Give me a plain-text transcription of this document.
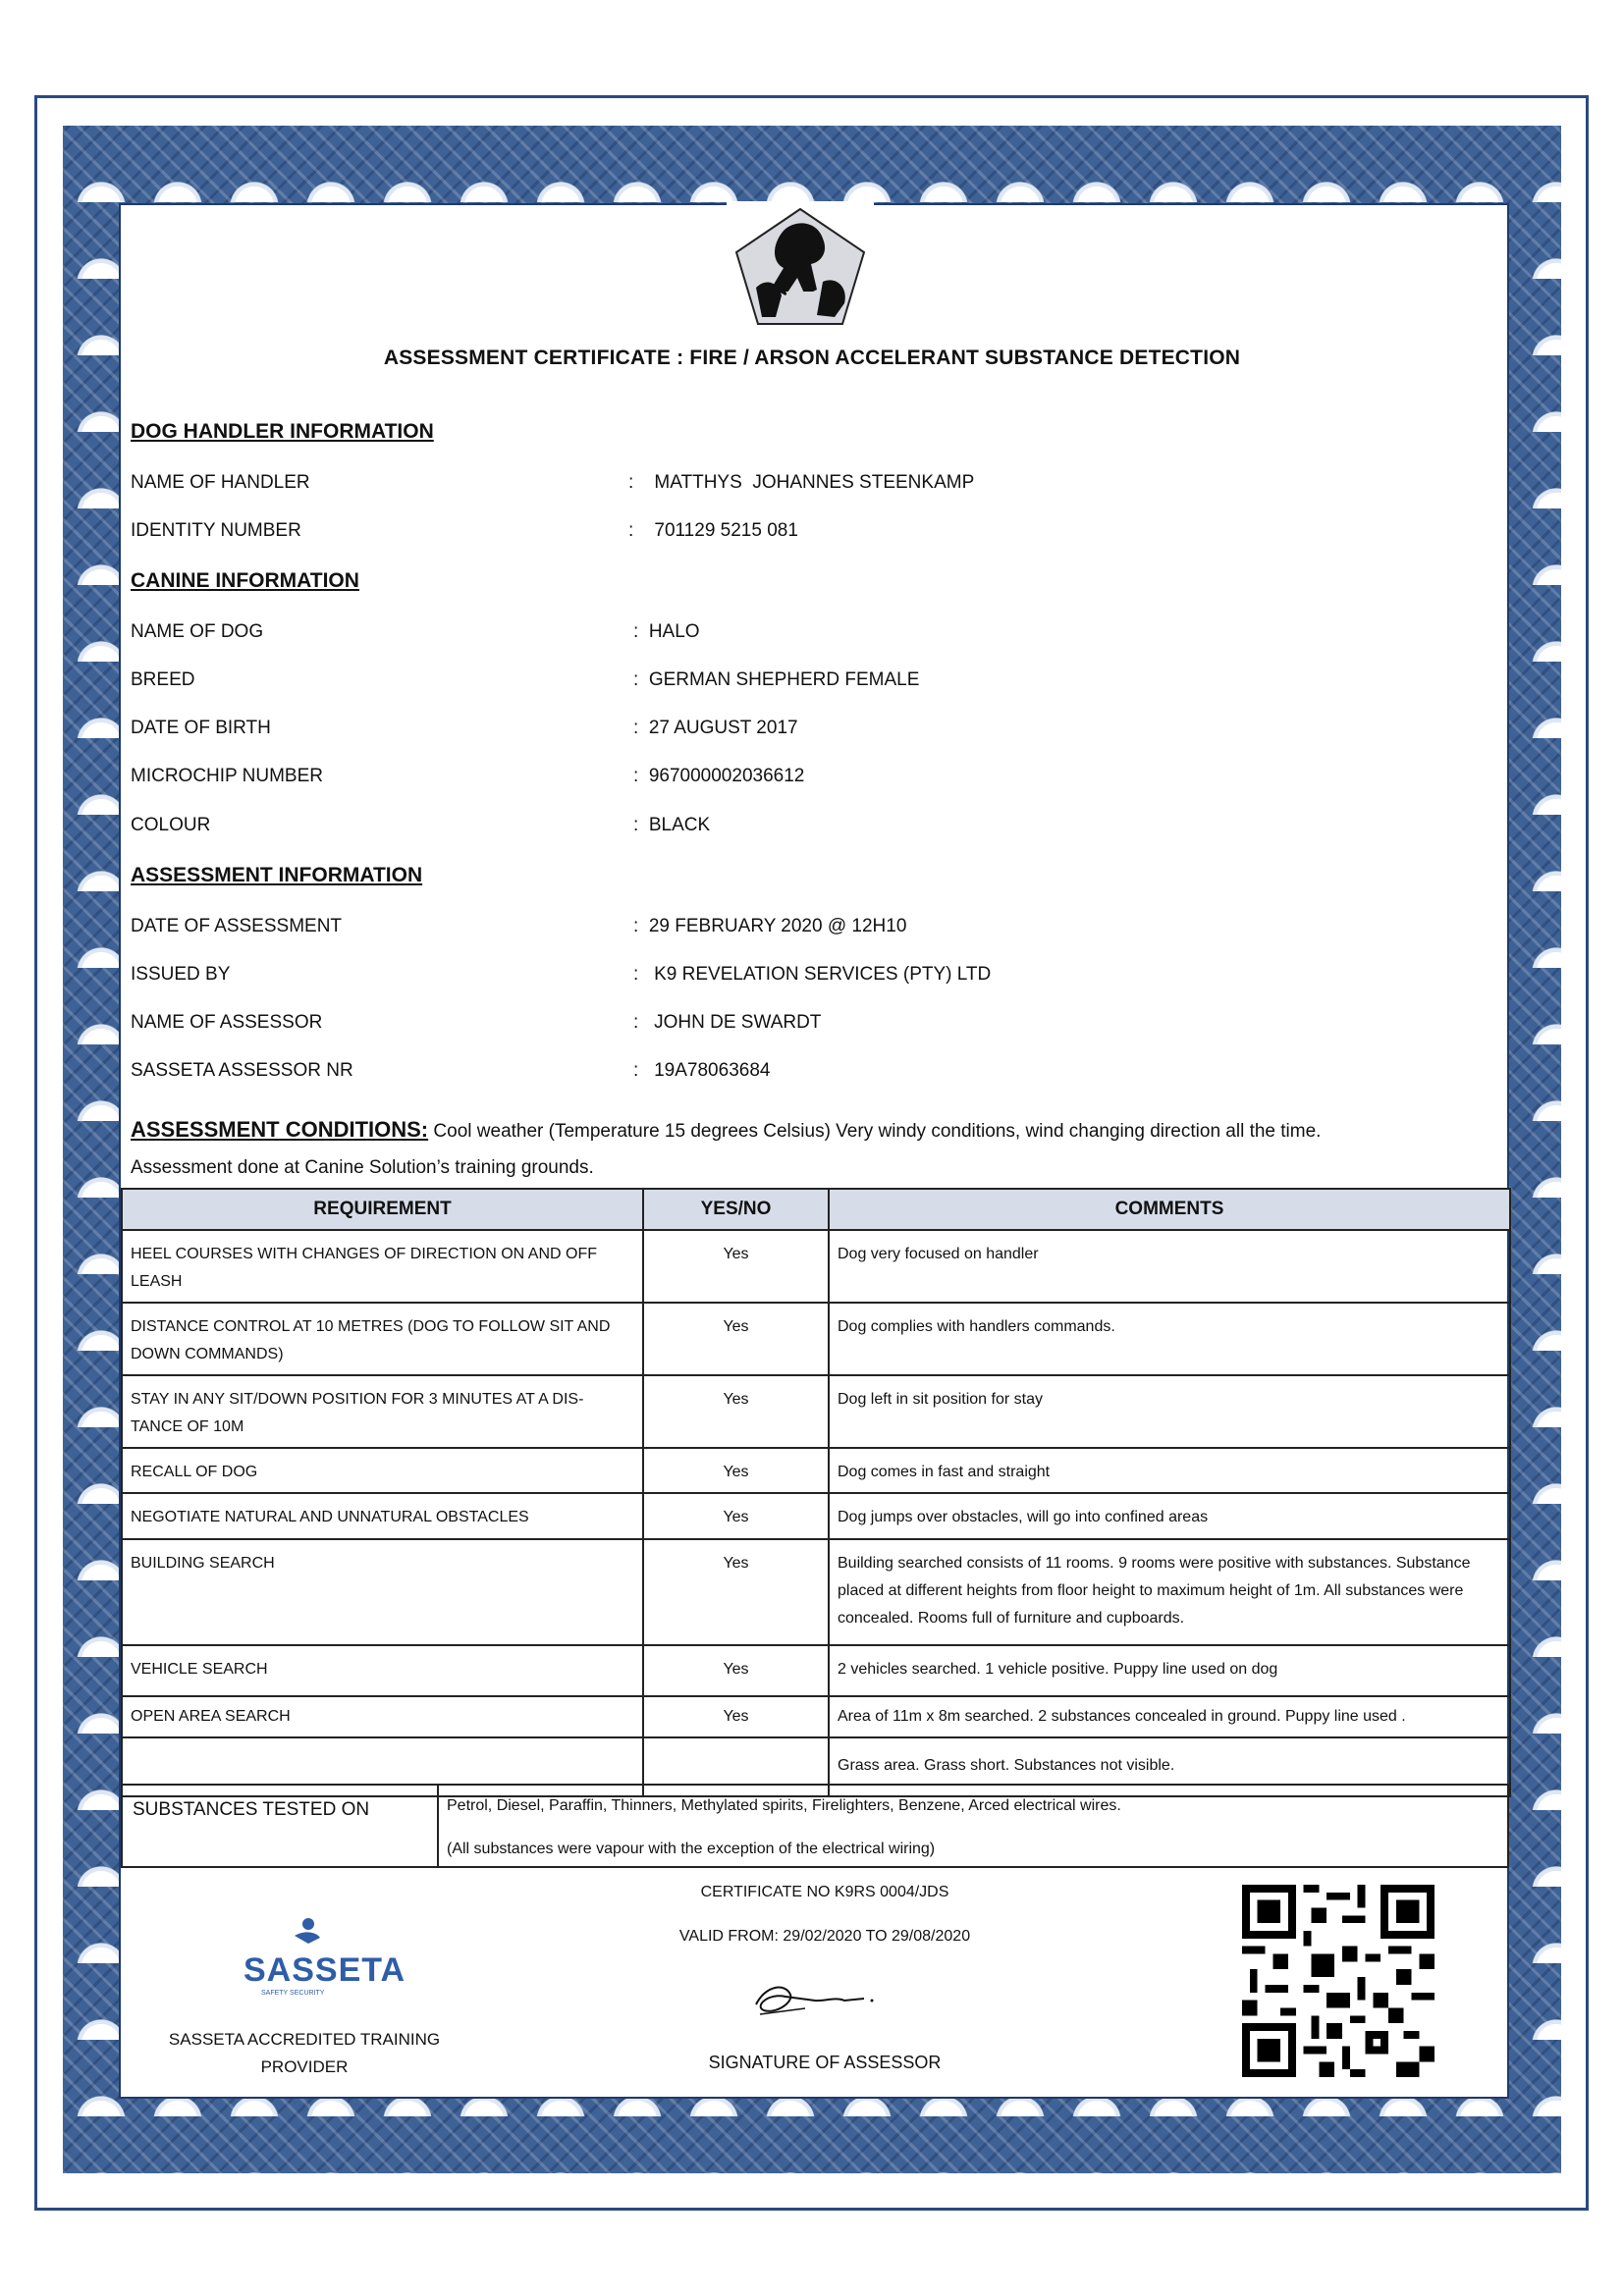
ASSESSMENT CERTIFICATE : FIRE / ARSON ACCELERANT SUBSTANCE DETECTION
DOG HANDLER INFORMATION
NAME OF HANDLER	:    MATTHYS  JOHANNES STEENKAMP
IDENTITY NUMBER	:    701129 5215 081
CANINE INFORMATION
NAME OF DOG	:  HALO
BREED	:  GERMAN SHEPHERD FEMALE
DATE OF BIRTH	:  27 AUGUST 2017
MICROCHIP NUMBER	:  967000002036612
COLOUR	:  BLACK
ASSESSMENT INFORMATION
DATE OF ASSESSMENT	:  29 FEBRUARY 2020 @ 12H10
ISSUED BY	:   K9 REVELATION SERVICES (PTY) LTD
NAME OF ASSESSOR	:   JOHN DE SWARDT
SASSETA ASSESSOR NR	:   19A78063684
ASSESSMENT CONDITIONS: Cool weather (Temperature 15 degrees Celsius) Very windy conditions, wind changing direction all the time.
Assessment done at Canine Solution’s training grounds.
REQUIREMENT	YES/NO	COMMENTS
HEEL COURSES WITH CHANGES OF DIRECTION ON AND OFF LEASH	Yes	Dog very focused on handler
DISTANCE CONTROL AT 10 METRES (DOG TO FOLLOW SIT AND DOWN COMMANDS)	Yes	Dog complies with handlers commands.
STAY IN ANY SIT/DOWN POSITION FOR 3 MINUTES AT A DIS-TANCE OF 10M	Yes	Dog left in sit position for stay
RECALL OF DOG	Yes	Dog comes in fast and straight
NEGOTIATE NATURAL AND UNNATURAL OBSTACLES	Yes	Dog jumps over obstacles, will go into confined areas
BUILDING SEARCH	Yes	Building searched consists of 11 rooms. 9 rooms were positive with substances. Substance placed at different heights from floor height to maximum height of 1m. All substances were concealed. Rooms full of furniture and cupboards.
VEHICLE SEARCH	Yes	2 vehicles searched. 1 vehicle positive. Puppy line used on dog
OPEN AREA SEARCH	Yes	Area of 11m x 8m searched. 2 substances concealed in ground. Puppy line used .
		Grass area. Grass short. Substances not visible.
SUBSTANCES TESTED ON	Petrol, Diesel, Paraffin, Thinners, Methylated spirits, Firelighters, Benzene, Arced electrical wires.
(All substances were vapour with the exception of the electrical wiring)
CERTIFICATE NO K9RS 0004/JDS
VALID FROM: 29/02/2020 TO 29/08/2020
SIGNATURE OF ASSESSOR
SASSETA
SAFETY SECURITY
SASSETA ACCREDITED TRAINING
PROVIDER
